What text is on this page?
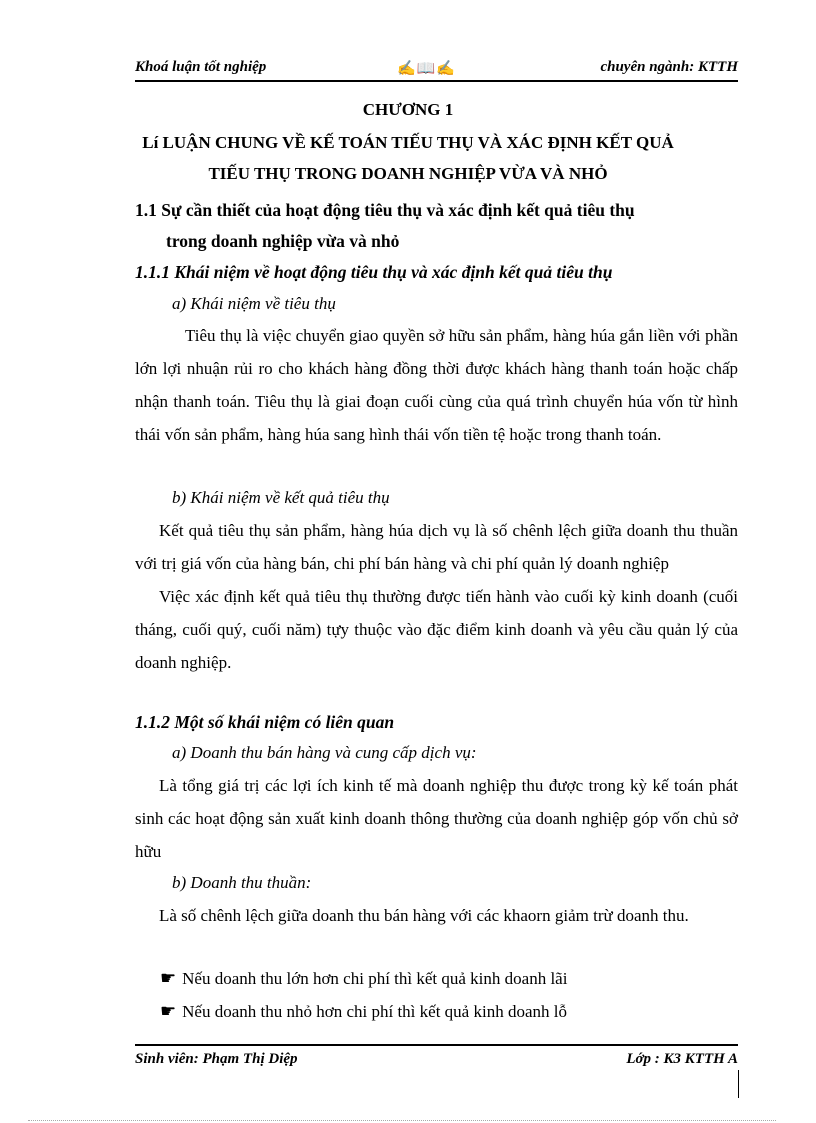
Khoá luận tốt nghiệp	✍📖✍	chuyên ngành: KTTH
CHƯƠNG 1
Lí LUẬN CHUNG VỀ KẾ TOÁN TIẾU THỤ VÀ XÁC ĐỊNH KẾT QUẢ
TIẾU THỤ TRONG DOANH NGHIỆP VỪA VÀ NHỎ
1.1 Sự cần thiết của hoạt động tiêu thụ và xác định kết quả tiêu thụ
trong doanh nghiệp vừa và nhỏ
1.1.1 Khái niệm về hoạt động tiêu thụ và xác định kết quả tiêu thụ
a) Khái niệm về tiêu thụ

Tiêu thụ là việc chuyển giao quyền sở hữu sản phẩm, hàng húa gắn liền với phần lớn lợi nhuận rủi ro cho khách hàng đồng thời được khách hàng thanh toán hoặc chấp nhận thanh toán. Tiêu thụ là giai đoạn cuối cùng của quá trình chuyển húa vốn từ hình thái vốn sản phẩm, hàng húa sang hình thái vốn tiền tệ hoặc trong thanh toán.

b) Khái niệm về kết quả tiêu thụ

Kết quả tiêu thụ sản phẩm, hàng húa dịch vụ là số chênh lệch giữa doanh thu thuần với trị giá vốn của hàng bán, chi phí bán hàng và chi phí quản lý doanh nghiệp

Việc xác định kết quả tiêu thụ thường được tiến hành vào cuối kỳ kinh doanh (cuối tháng, cuối quý, cuối năm) tựy thuộc vào đặc điểm kinh doanh và yêu cầu quản lý của doanh nghiệp.

1.1.2 Một số khái niệm có liên quan
a) Doanh thu bán hàng và cung cấp dịch vụ:

Là tổng giá trị các lợi ích kinh tế mà doanh nghiệp thu được trong kỳ kế toán phát sinh các hoạt động sản xuất kinh doanh thông thường của doanh nghiệp góp vốn chủ sở hữu

b) Doanh thu thuần:

Là số chênh lệch giữa doanh thu bán hàng với các khaorn giảm trừ doanh thu.

☛ Nếu doanh thu lớn hơn chi phí thì kết quả kinh doanh lãi
☛ Nếu doanh thu nhỏ hơn chi phí thì kết quả kinh doanh lỗ
Sinh viên: Phạm Thị Diệp	Lớp : K3 KTTH A
